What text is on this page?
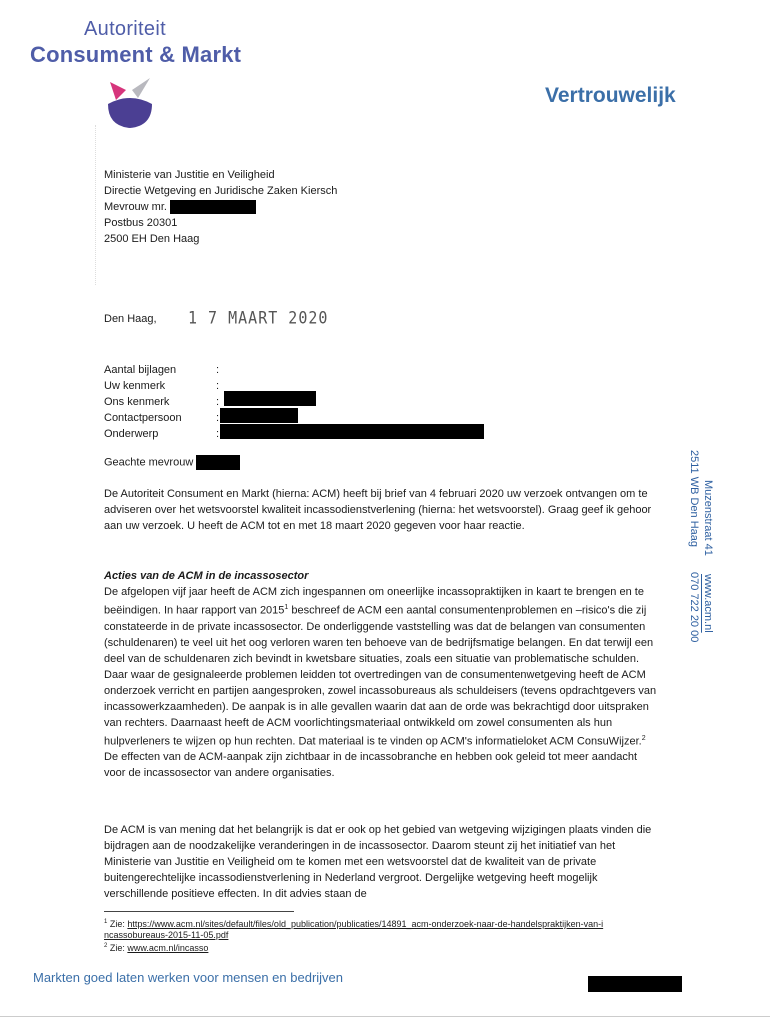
Autoriteit
Consument & Markt
Vertrouwelijk
Ministerie van Justitie en Veiligheid
Directie Wetgeving en Juridische Zaken Kiersch
Mevrouw mr.
Postbus 20301
2500 EH Den Haag
Den Haag, 1 7 MAART 2020
Aantal bijlagen	:
Uw kenmerk	:
Ons kenmerk	:
Contactpersoon	:
Onderwerp	:
Geachte mevrouw

De Autoriteit Consument en Markt (hierna: ACM) heeft bij brief van 4 februari 2020 uw verzoek ontvangen om te adviseren over het wetsvoorstel kwaliteit incassodienstverlening (hierna: het wetsvoorstel). Graag geef ik gehoor aan uw verzoek. U heeft de ACM tot en met 18 maart 2020 gegeven voor haar reactie.

Acties van de ACM in de incassosector

De afgelopen vijf jaar heeft de ACM zich ingespannen om oneerlijke incassopraktijken in kaart te brengen en te beëindigen. In haar rapport van 2015$^1$ beschreef de ACM een aantal consumentenproblemen en –risico's die zij constateerde in de private incassosector. De onderliggende vaststelling was dat de belangen van consumenten (schuldenaren) te veel uit het oog verloren waren ten behoeve van de bedrijfsmatige belangen. En dat terwijl een deel van de schuldenaren zich bevindt in kwetsbare situaties, zoals een situatie van problematische schulden. Daar waar de gesignaleerde problemen leidden tot overtredingen van de consumentenwetgeving heeft de ACM onderzoek verricht en partijen aangesproken, zowel incassobureaus als schuldeisers (tevens opdrachtgevers van incassowerkzaamheden). De aanpak is in alle gevallen waarin dat aan de orde was bekrachtigd door uitspraken van rechters. Daarnaast heeft de ACM voorlichtingsmateriaal ontwikkeld om zowel consumenten als hun hulpverleners te wijzen op hun rechten. Dat materiaal is te vinden op ACM's informatieloket ACM ConsuWijzer.$^2$ De effecten van de ACM-aanpak zijn zichtbaar in de incassobranche en hebben ook geleid tot meer aandacht voor de incassosector van andere organisaties.

De ACM is van mening dat het belangrijk is dat er ook op het gebied van wetgeving wijzigingen plaats vinden die bijdragen aan de noodzakelijke veranderingen in de incassosector. Daarom steunt zij het initiatief van het Ministerie van Justitie en Veiligheid om te komen met een wetsvoorstel dat de kwaliteit van de private buitengerechtelijke incassodienstverlening in Nederland vergroot. Dergelijke wetgeving heeft mogelijk verschillende positieve effecten. In dit advies staan de

Muzenstraat 41
2511 WB Den Haag
www.acm.nl
070 722 20 00
$^1$ Zie: https://www.acm.nl/sites/default/files/old_publication/publicaties/14891_acm-onderzoek-naar-de-handelspraktijken-van-incassobureaus-2015-11-05.pdf
$^2$ Zie: www.acm.nl/incasso
Markten goed laten werken voor mensen en bedrijven
